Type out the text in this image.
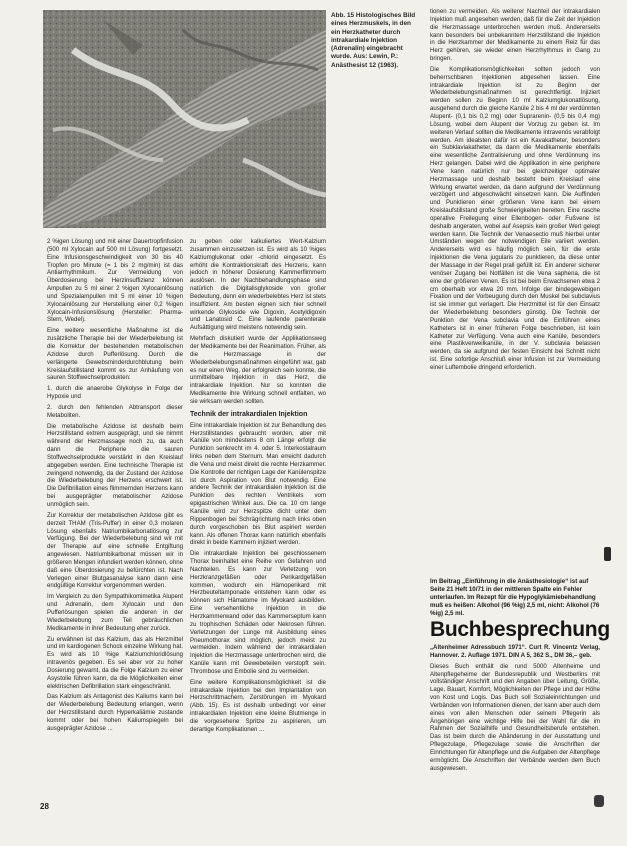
Abb. 15 Histologisches Bild eines Herzmuskels, in den ein Herzkatheter durch intrakardiale Injektion (Adrenalin) eingebracht wurde. Aus: Lewin, P.: Anästhesist 12 (1963).

2 %igen Lösung) und mit einer Dauertropfinfusion (500 ml Xylocain auf 500 ml Lösung) fortgesetzt. Eine Infusionsgeschwindigkeit von 30 bis 40 Tropfen pro Minute (= 1 bis 2 mg/min) ist das Antiarrhythmikum. Zur Vermeidung von Überdosierung bei Herzinsuffizienz können Ampullen zu 5 ml einer 2 %igen Xylocainlösung und Spezialampullen mit 5 ml einer 10 %igen Xylocainlösung zur Herstellung einer 0,2 %igen Xylocain-Infusionslösung (Hersteller: Pharma-Stern, Wedel).

Eine weitere wesentliche Maßnahme ist die zusätzliche Therapie bei der Wiederbelebung ist die Korrektur der bestehenden metabolischen Azidose durch Pufferlösung. Durch die verlängerte Gewebsminderdurchblutung beim Kreislaufstillstand kommt es zur Anhäufung von sauren Stoffwechselprodukten:

1. durch die anaerobe Glykolyse in Folge der Hypoxie und

2. durch den fehlenden Abtransport dieser Metaboliten.

Die metabolische Azidose ist deshalb beim Herzstillstand extrem ausgeprägt, und sie nimmt während der Herzmassage noch zu, da auch dann die Peripherie die sauren Stoffwechselprodukte verstärkt in den Kreislauf abgegeben werden. Eine technische Therapie ist zwingend notwendig, da der Zustand der Azidose die Wiederbelebung der Herzens erschwert ist. Die Defibrillation eines flimmernden Herzens kann bei ausgeprägter metabolischer Azidose unmöglich sein.

Zur Korrektur der metabolischen Azidose gibt es derzeit THAM (Tris-Puffer) in einer 0,3 molaren Lösung ebenfalls Natriumbikarbonatlösung zur Verfügung. Bei der Wiederbelebung sind wir mit der Therapie auf eine schnelle Entgiftung angewiesen. Natriumbikarbonat müssen wir in größeren Mengen infundiert werden können, ohne daß eine Überdosierung zu befürchten ist. Nach Verlegen einer Blutgasanalyse kann dann eine endgültige Korrektur vorgenommen werden.

Im Vergleich zu den Sympathikomimetika Alupent und Adrenalin, dem Xylocain und den Pufferlösungen spielen die anderen in der Wiederbelebung zum Teil gebräuchlichen Medikamente in ihrer Bedeutung eher zurück.

Zu erwähnen ist das Kalzium, das als Herzmittel und im kardiogenen Schock einzelne Wirkung hat. Es wird als 10 %ige Kalziumchloridlösung intravenös gegeben. Es sei aber vor zu hoher Dosierung gewarnt, da die Folge Kalzium zu einer Asystolie führen kann, da die Möglichkeiten einer elektrischen Defibrillation stark eingeschränkt.

Das Kalzium als Antagonist des Kaliums kann bei der Wiederbelebung Bedeutung erlangen, wenn der Herzstillstand durch Hyperkaliämie zustande kommt oder bei hohen Kaliumspiegeln bei ausgeprägter Azidose ...

zu geben oder kalkuliertes Wert-Kalzium zusammen einzusetzen ist. Es wird als 10 %iges Kalziumglukonat oder -chlorid eingesetzt. Es erhöht die Kontraktionskraft des Herzens, kann jedoch in höherer Dosierung Kammerflimmern auslösen. In der Nachbehandlungsphase sind natürlich die Digitalisglykoside von großer Bedeutung, denn ein wiederbelebtes Herz ist stets insuffizient. Am besten eignen sich hier schnell wirkende Glykoside wie Digoxin, Acetyldigoxin und Lanatosid C. Eine laufende parenterale Aufsättigung wird meistens notwendig sein.

Mehrfach diskutiert wurde der Applikationsweg der Medikamente bei der Reanimation. Früher, als die Herzmassage in der Wiederbelebungsmaßnahmen eingeführt war, gab es nur einen Weg, der erfolgreich sein konnte, die unmittelbare Injektion in das Herz, die intrakardiale Injektion. Nur so konnten die Medikamente ihre Wirkung schnell entfalten, wo sie wirksam werden sollten.

Technik der intrakardialen Injektion

Eine intrakardiale Injektion ist zur Behandlung des Herzstillstandes gebraucht worden, aber mit Kanüle von mindestens 8 cm Länge erfolgt die Punktion senkrecht im 4. oder 5. Interkostalraum links neben dem Sternum. Man erreicht dadurch die Vena und meist direkt die rechte Herzkammer. Die Kontrolle der richtigen Lage der Kanülenspitze ist durch Aspiration von Blut notwendig. Eine andere Technik der intrakardialen Injektion ist die Punktion des rechten Ventrikels vom epigastrischen Winkel aus. Die ca. 10 cm lange Kanüle wird zur Herzspitze dicht unter dem Rippenbogen bei Schrägrichtung nach links oben durch vorgeschoben bis Blut aspiriert werden kann. Als offenen Thorax kann natürlich ebenfalls direkt in beide Kammern injiziert werden.

Die intrakardiale Injektion bei geschlossenem Thorax beinhaltet eine Reihe von Gefahren und Nachteilen. Es kann zur Verletzung von Herzkranzgefäßen oder Perikardgefäßen kommen, wodurch ein Hämoperikard mit Herzbeuteltamponade entstehen kann oder es können sich Hämatome im Myokard ausbilden. Eine versehentliche Injektion in die Herzkammerwand oder das Kammerseptum kann zu trophischen Schäden oder Nekrosen führen. Verletzungen der Lunge mit Ausbildung eines Pneumothorax sind möglich, jedoch meist zu vermeiden. Indem während der intrakardialen Injektion die Herzmassage unterbrochen wird, die Kanüle kann mit Gewebeteilen verstopft sein. Thrombose und Embolie sind zu vermeiden.

Eine weitere Komplikationsmöglichkeit ist die intrakardiale Injektion bei den Implantation von Herzschrittmachern, Zerstörungen im Myokard (Abb. 15). Es ist deshalb unbedingt vor einer intrakardialen Injektion eine kleine Blutmenge in die vorgesehene Spritze zu aspirieren, um derartige Komplikationen ...

tionen zu vermeiden. Als weiterer Nachteil der intrakardialen Injektion muß angesehen werden, daß für die Zeit der Injektion die Herzmassage unterbrochen werden muß. Andererseits kann besonders bei unbekanntem Herzstillstand die Injektion in die Herzkammer der Medikamente zu einem Reiz für das Herz gehören, sie wieder einen Herzrhythmus in Gang zu bringen.

Die Komplikationsmöglichkeiten sollten jedoch von beherrschbaren Injektionen abgesehen lassen. Eine intrakardiale Injektion ist zu Beginn der Wiederbelebungsmaßnahmen ist gerechtfertigt. Injiziert werden sollen zu Beginn 10 ml Kalziumglukonatlösung, ausgehend durch die gleiche Kanüle 2 bis 4 ml der verdünnten Alupent- (0,1 bis 0,2 mg) oder Suprarenin- (0,5 bis 0,4 mg) Lösung, wobei dem Alupent der Vorzug zu geben ist. Im weiteren Verlauf sollten die Medikamente intravenös verabfolgt werden. Am idealsten dafür ist ein Kavakatheter, besonders ein Subklaviakatheter, da dann die Medikamente ebenfalls eine wesentliche Zentralisierung und ohne Verdünnung ins Herz gelangen. Dabei wird die Applikation in eine periphere Vene kann natürlich nur bei gleichzeitiger optimaler Herzmassage und deshalb besteht beim Kreislauf eine Wirkung erwartet werden, da dann aufgrund der Verdünnung verzögert und abgeschwächt einsetzen kann. Die Auffinden und Punktieren einer größeren Vene kann bei einem Kreislaufstillstand große Schwierigkeiten bereiten. Eine rasche operative Freilegung einer Ellenbogen- oder Fußvene ist deshalb angeraten, wobei auf Asepsis kein großer Wert gelegt werden kann. Die Technik der Venaesectio muß hierbei unter Umständen wegen der notwendigen Eile variiert werden. Andererseits wird es häufig möglich sein, für die erste Injektionen die Vena jugularis zu punktieren, da diese unter der Massage in der Regel prall gefüllt ist. Ein anderer sicherer venöser Zugang bei Notfällen ist die Vena saphena, die ist eine der größeren Venen. Es ist bei beim Erwachsenen etwa 2 cm oberhalb vor etwa 20 mm. Infolge der bindegewebigen Fixation und der Vorbeugung durch den Muskel bei subclavius ist sie immer gut verlagert. Die Herzmittel ist für den Einsatz der Wiederbelebung besonders günstig. Die Technik der Punktion der Vena subclavia und die Einführen eines Katheters ist in einer früheren Folge beschrieben, ist kein Katheter zur Verfügung. Vena auch eine Kanüle, besonders eine Plastikverweilkanüle, in der V. subclavia belassen werden, da sie aufgrund der festen Einsicht bei Schnitt nicht ist. Eine sofortige Anschluß einer Infusion ist zur Vermeidung einer Luftembolie dringend erforderlich.

Im Beitrag „Einführung in die Anästhesiologie“ ist auf Seite 21 Heft 10/71 in der mittleren Spalte ein Fehler unterlaufen. Im Rezept für die Hypoglykämiebehandlung muß es heißen: Alkohol (96 %ig) 2,5 ml, nicht: Alkohol (76 %ig) 2,5 ml.
Buchbesprechung

„Altenheimer Adressbuch 1971“. Curt R. Vincentz Verlag, Hannover. 2. Auflage 1971. DIN A 5, 362 S., DM 36,– geb.

Dieses Buch enthält die rund 5000 Altenheime und Altenpflegeheime der Bundesrepublik und Westberlins mit vollständiger Anschrift und den Angaben über Leitung, Größe, Lage, Bauart, Komfort, Möglichkeiten der Pflege und der Höhe von Kost und Logis. Das Buch soll Sozialeinrichtungen und Verbänden von Informationen dienen, der kann aber auch dem eines von allen Menschen oder seinem Pflegerin als Ängehörigen eine wichtige Hilfe bei der Wahl für die im Rahmen der Sozialhilfe und Gesundheitsberufe entstehen. Das ist beim durch die Abänderung in der Ausstattung und Pflegezulage, Pflegezulage sowie die Anschriften der Einrichtungen für Altenpflege und die Aufgaben der Altenpflege ermöglicht. Die Anschriften der Verbände werden dem Buch ausgewiesen.

28
